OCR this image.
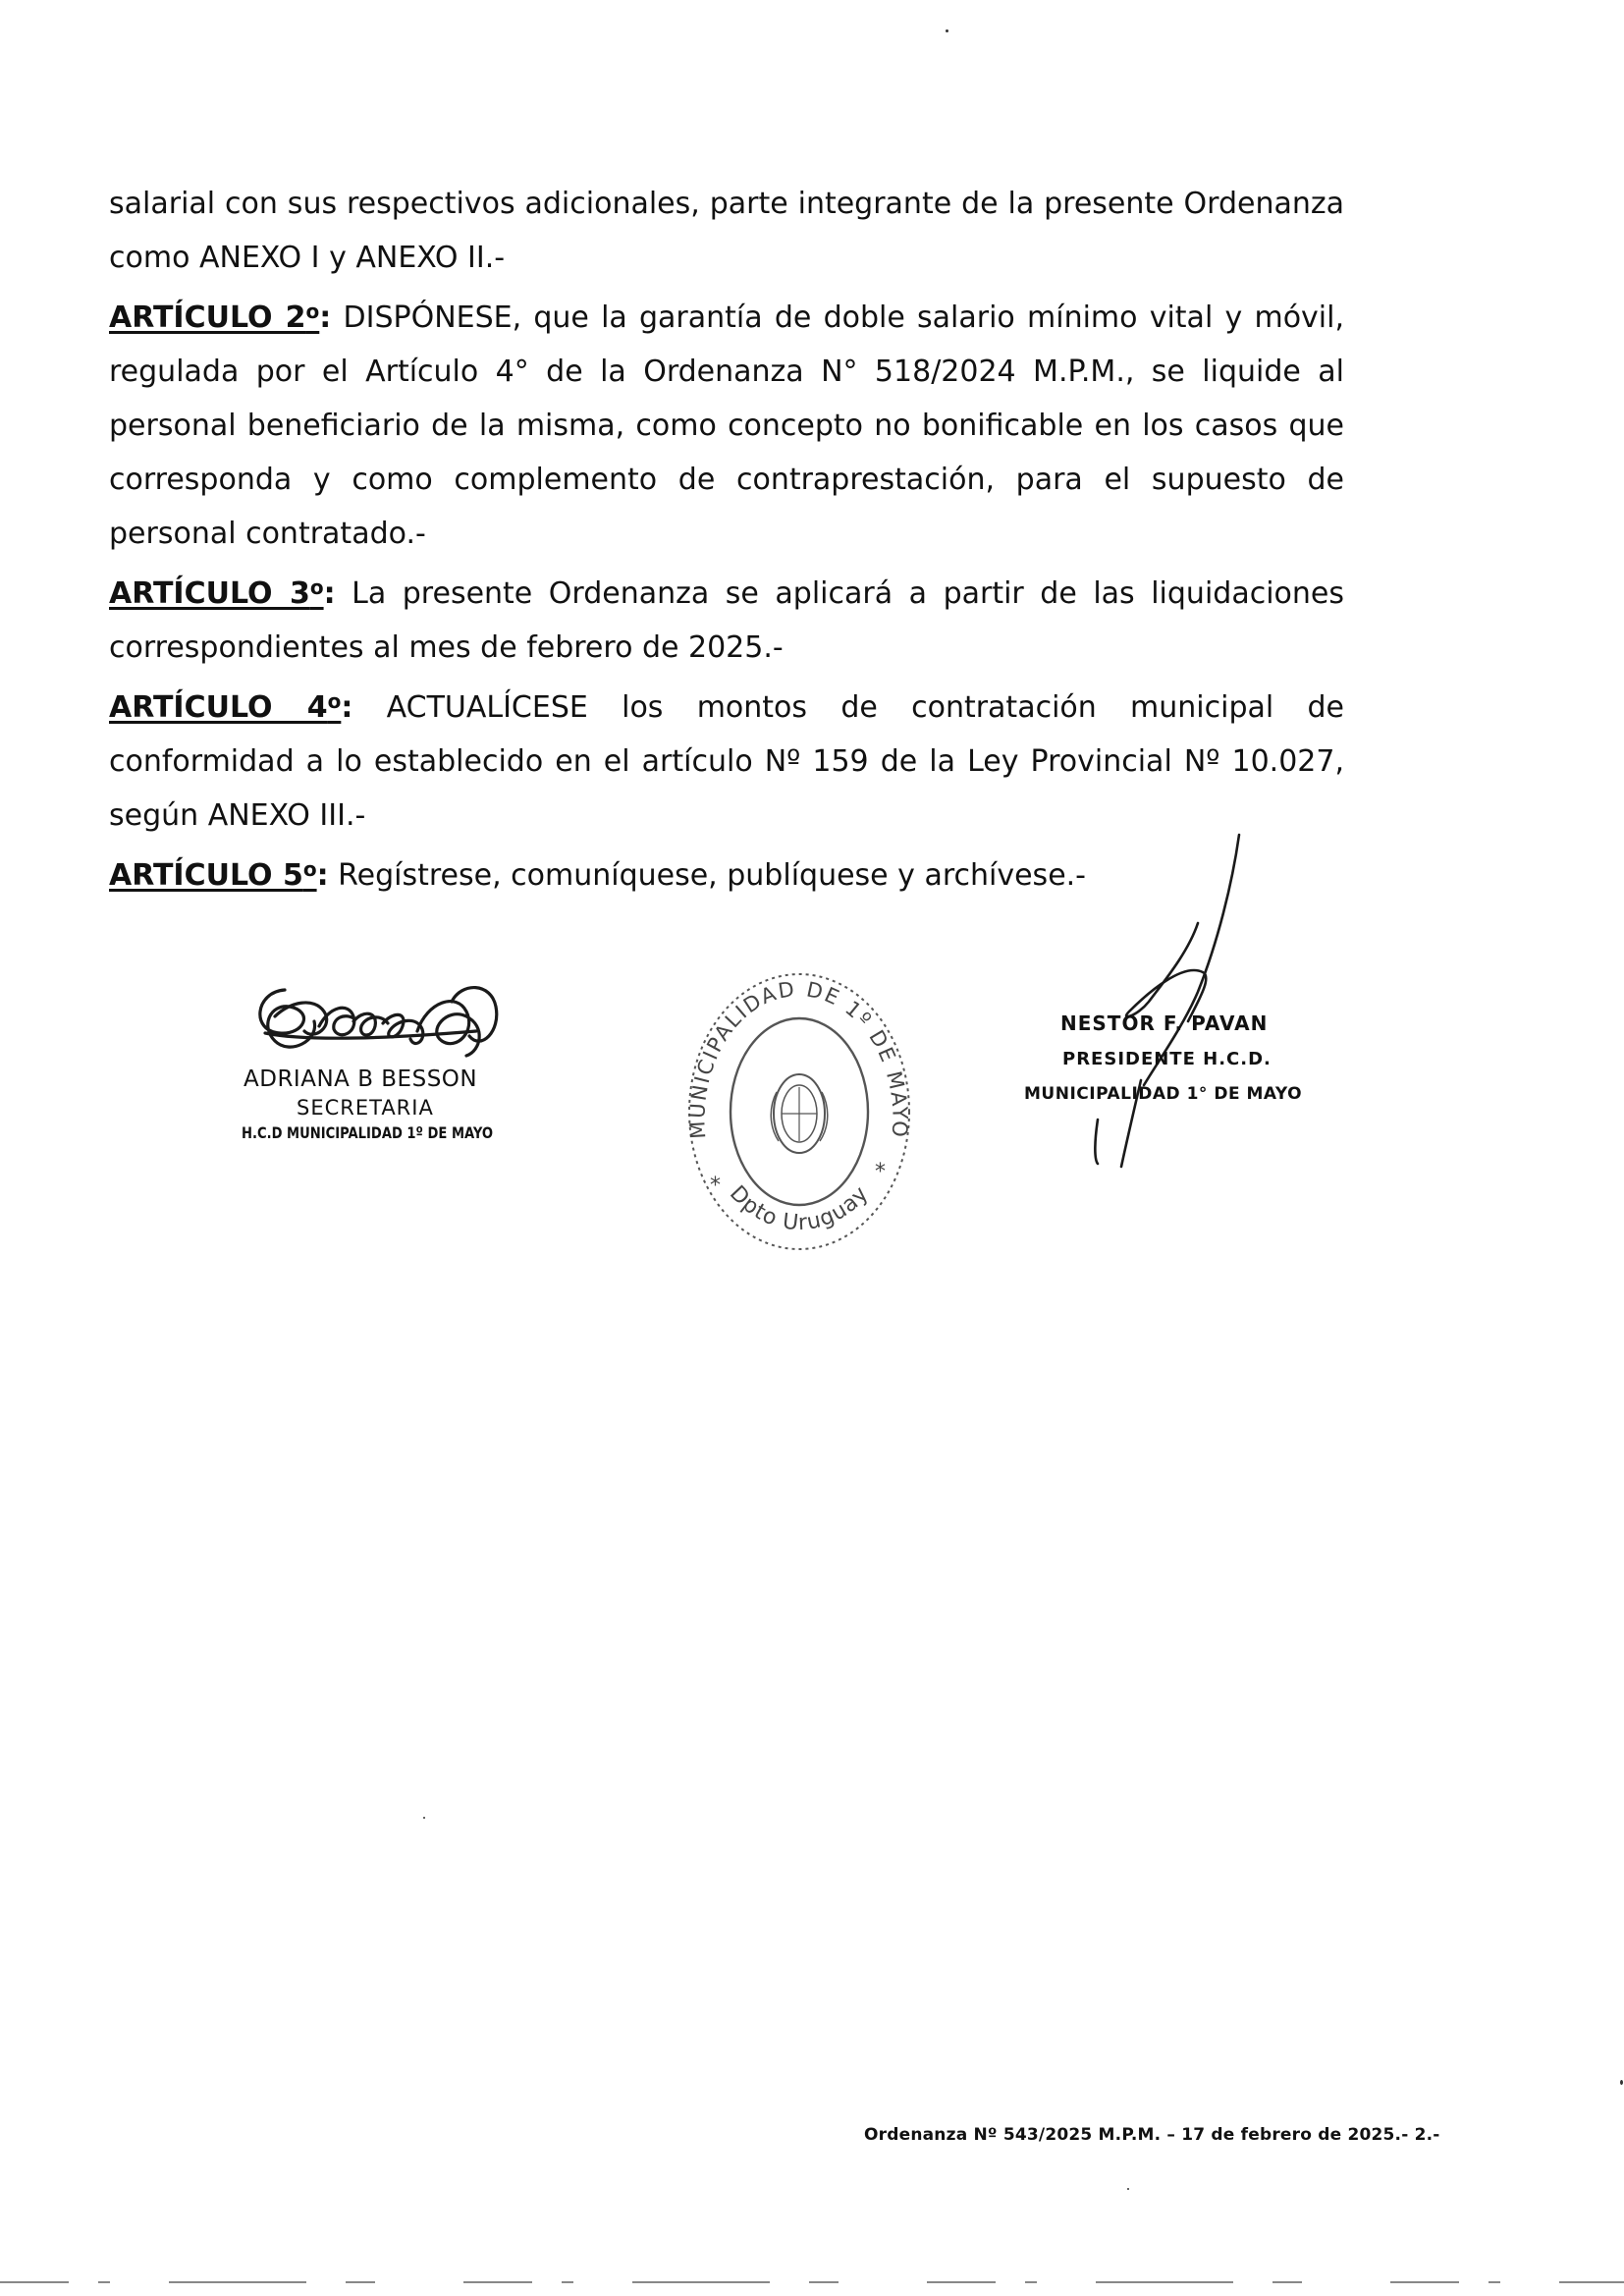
salarial con sus respectivos adicionales, parte integrante de la presente Ordenanza como ANEXO I y ANEXO II.-

ARTÍCULO 2$^o$: DISPÓNESE, que la garantía de doble salario mínimo vital y móvil, regulada por el Artículo 4° de la Ordenanza N° 518/2024 M.P.M., se liquide al personal beneficiario de la misma, como concepto no bonificable en los casos que corresponda y como complemento de contraprestación, para el supuesto de personal contratado.-

ARTÍCULO 3$^o$: La presente Ordenanza se aplicará a partir de las liquidaciones correspondientes al mes de febrero de 2025.-

ARTÍCULO 4$^o$: ACTUALÍCESE los montos de contratación municipal de conformidad a lo establecido en el artículo Nº 159 de la Ley Provincial Nº 10.027, según ANEXO III.-

ARTÍCULO 5$^o$: Regístrese, comuníquese, publíquese y archívese.-

ADRIANA B BESSON
SECRETARIA
H.C.D MUNICIPALIDAD 1º DE MAYO	MUNICIPALIDAD DE 1º DE MAYO
Dpto Uruguay
*
*
NESTOR F. PAVAN
PRESIDENTE H.C.D.
MUNICIPALIDAD 1° DE MAYO
Ordenanza Nº 543/2025 M.P.M. – 17 de febrero de 2025.- 2.-
